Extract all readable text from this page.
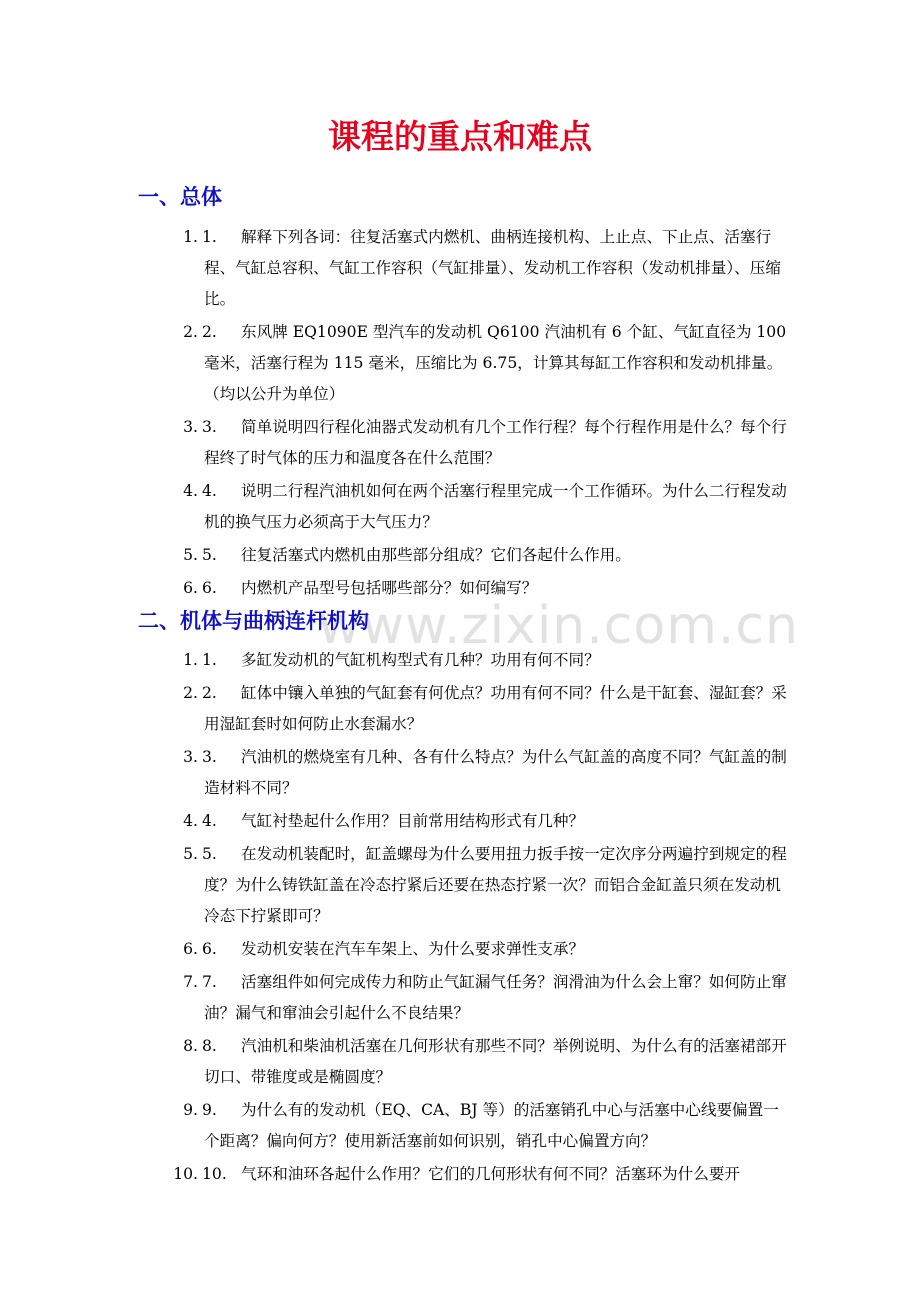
www.zixin.com.cn
课程的重点和难点
一、总体
1. 1. 解释下列各词：往复活塞式内燃机、曲柄连接机构、上止点、下止点、活塞行程、气缸总容积、气缸工作容积（气缸排量）、发动机工作容积（发动机排量）、压缩比。
2. 2. 东风牌 EQ1090E 型汽车的发动机 Q6100 汽油机有 6 个缸、气缸直径为 100 毫米，活塞行程为 115 毫米，压缩比为 6.75，计算其每缸工作容积和发动机排量。（均以公升为单位）
3. 3. 简单说明四行程化油器式发动机有几个工作行程？每个行程作用是什么？每个行程终了时气体的压力和温度各在什么范围？
4. 4. 说明二行程汽油机如何在两个活塞行程里完成一个工作循环。为什么二行程发动机的换气压力必须高于大气压力？
5. 5. 往复活塞式内燃机由那些部分组成？它们各起什么作用。
6. 6. 内燃机产品型号包括哪些部分？如何编写？
二、机体与曲柄连杆机构
1. 1. 多缸发动机的气缸机构型式有几种？功用有何不同？
2. 2. 缸体中镶入单独的气缸套有何优点？功用有何不同？什么是干缸套、湿缸套？采用湿缸套时如何防止水套漏水？
3. 3. 汽油机的燃烧室有几种、各有什么特点？为什么气缸盖的高度不同？气缸盖的制造材料不同？
4. 4. 气缸衬垫起什么作用？目前常用结构形式有几种？
5. 5. 在发动机装配时，缸盖螺母为什么要用扭力扳手按一定次序分两遍拧到规定的程度？为什么铸铁缸盖在冷态拧紧后还要在热态拧紧一次？而铝合金缸盖只须在发动机冷态下拧紧即可？
6. 6. 发动机安装在汽车车架上、为什么要求弹性支承？
7. 7. 活塞组件如何完成传力和防止气缸漏气任务？润滑油为什么会上窜？如何防止窜油？漏气和窜油会引起什么不良结果？
8. 8. 汽油机和柴油机活塞在几何形状有那些不同？举例说明、为什么有的活塞裙部开切口、带锥度或是椭圆度？
9. 9. 为什么有的发动机（EQ、CA、BJ 等）的活塞销孔中心与活塞中心线要偏置一个距离？偏向何方？使用新活塞前如何识别，销孔中心偏置方向？
10. 10. 气环和油环各起什么作用？它们的几何形状有何不同？活塞环为什么要开
